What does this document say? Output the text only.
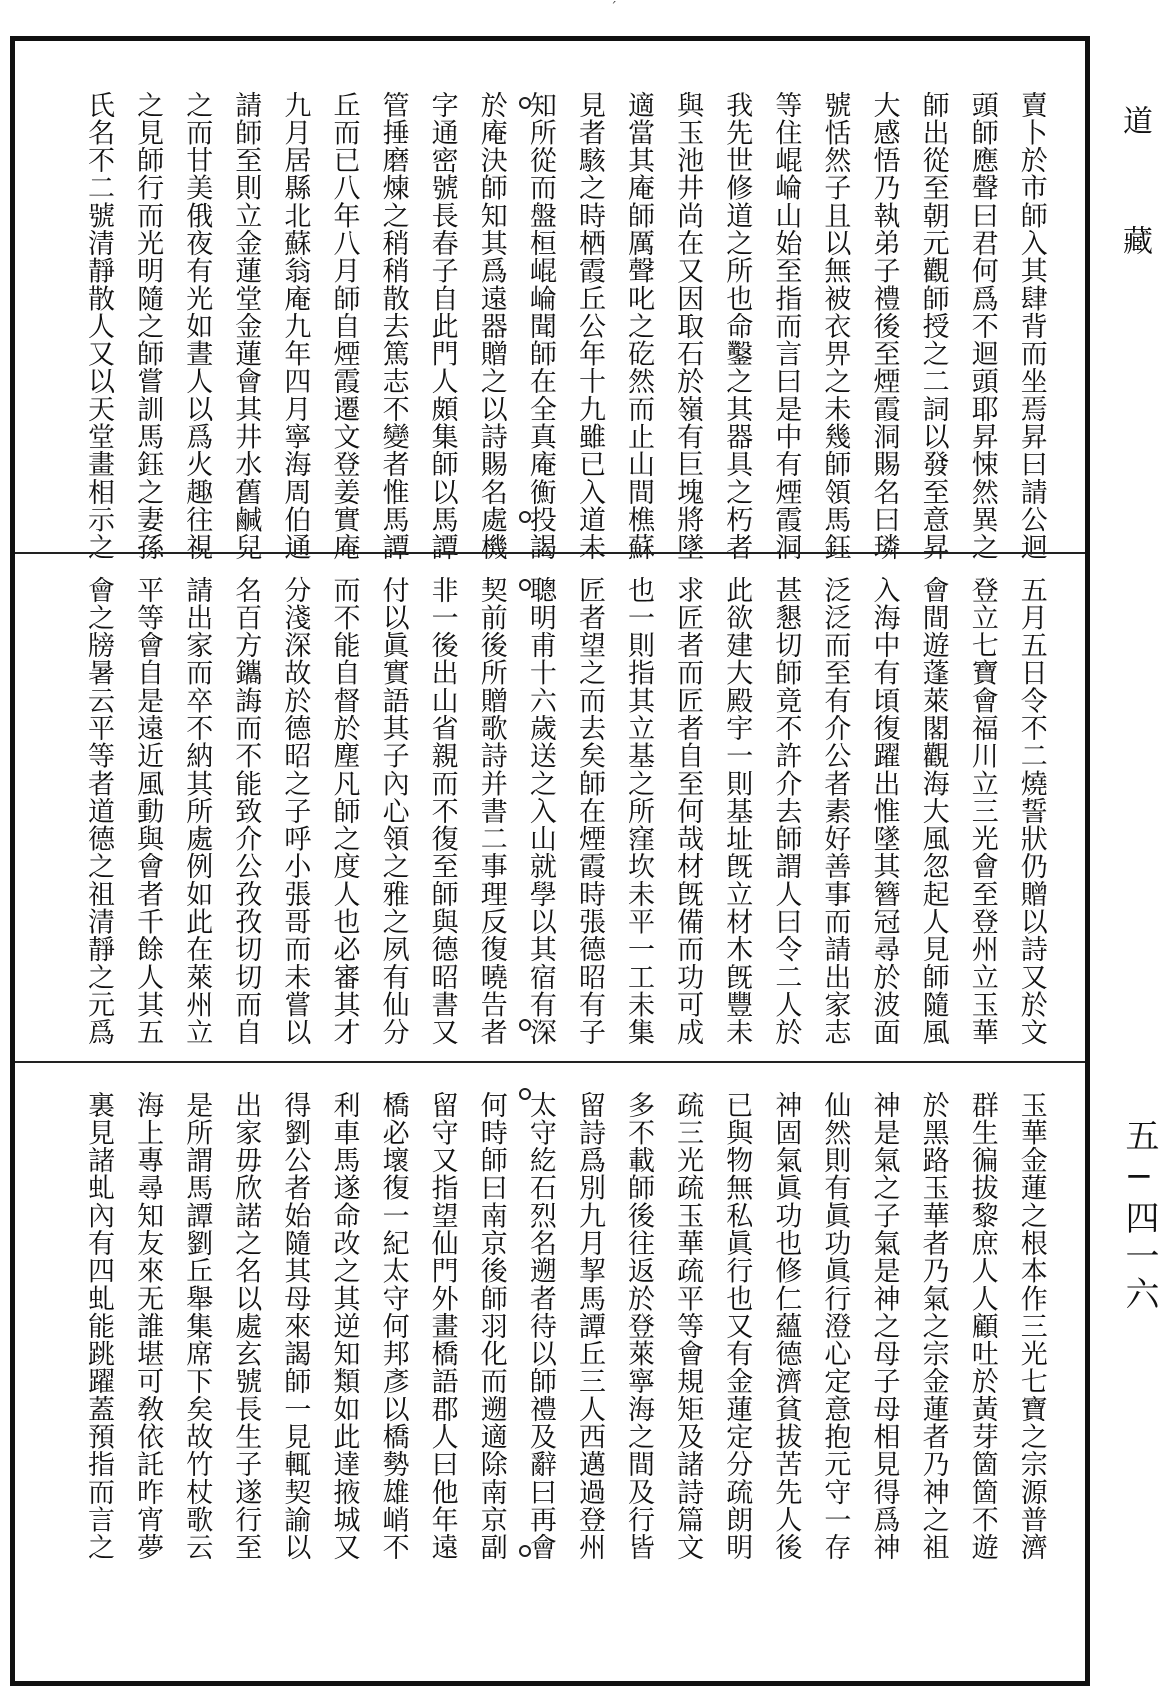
ˊ
賣卜於市師入其肆背而坐焉昇曰請公迴
頭師應聲曰君何爲不迴頭耶昇悚然異之
師出從至朝元觀師授之二詞以發至意昇
大感悟乃執弟子禮後至煙霞洞賜名曰璘
號恬然子且以無被衣畀之未幾師領馬鈺
等住崐崘山始至指而言曰是中有煙霞洞
我先世修道之所也命鑿之其器具之朽者
與玉池井尚在又因取石於嶺有巨塊將墜
適當其庵師厲聲叱之矻然而止山間樵蘇
見者駭之時栖霞丘公年十九雖已入道未
知所從而盤桓崐崘聞師在全真庵𢖍投謁
於庵決師知其爲遠器贈之以詩賜名處機
字通密號長春子自此門人頗集師以馬譚
管捶磨煉之稍稍散去篤志不變者惟馬譚
丘而已八年八月師自煙霞遷文登姜實庵
九月居縣北蘇翁庵九年四月寧海周伯通
請師至則立金蓮堂金蓮會其井水舊鹹兒
之而甘美俄夜有光如晝人以爲火趣往視
之見師行而光明隨之師嘗訓馬鈺之妻孫
氏名不二號清靜散人又以天堂畫相示之
五月五日令不二燒誓狀仍贈以詩又於文
登立七寶會福川立三光會至登州立玉華
會間遊蓬萊閣觀海大風忽起人見師隨風
入海中有頃復躍出惟墜其簪冠尋於波面
泛泛而至有介公者素好善事而請出家志
甚懇切師竟不許介去師謂人曰令二人於
此欲建大殿宇一則基址旣立材木旣豐未
求匠者而匠者自至何哉材旣備而功可成
也一則指其立基之所窪坎未平一工未集
匠者望之而去矣師在煙霞時張德昭有子
聰明甫十六歲送之入山就學以其宿有深
契前後所贈歌詩并書二事理反復曉告者
非一後出山省親而不復至師與德昭書又
付以眞實語其子內心領之雅之夙有仙分
而不能自督於塵凡師之度人也必審其才
分淺深故於德昭之子呼小張哥而未嘗以
名百方鑴誨而不能致介公孜孜切切而自
請出家而卒不納其所處例如此在萊州立
平等會自是遠近風動與會者千餘人其五
會之牓暑云平等者道德之祖清靜之元爲
玉華金蓮之根本作三光七寶之宗源普濟
群生徧拔黎庶人人顧吐於黃芽箇箇不遊
於黑路玉華者乃氣之宗金蓮者乃神之祖
神是氣之子氣是神之母子母相見得爲神
仙然則有眞功眞行澄心定意抱元守一存
神固氣眞功也修仁蘊德濟貧拔苦先人後
已與物無私眞行也又有金蓮定分疏朗明
疏三光疏玉華疏平等會規矩及諸詩篇文
多不載師後往返於登萊寧海之間及行皆
留詩爲別九月挈馬譚丘三人西邁過登州
太守紇石烈名遡者待以師禮及辭曰再會
何時師曰南京後師羽化而遡適除南京副
留守又指望仙門外畫橋語郡人曰他年遠
橋必壞復一紀太守何邦彥以橋勢雄峭不
利車馬遂命改之其逆知類如此達掖城又
得劉公者始隨其母來謁師一見輒契諭以
出家毋欣諾之名以處玄號長生子遂行至
是所謂馬譚劉丘舉集席下矣故竹杖歌云
海上專尋知友來无誰堪可敎依託昨宵夢
裏見諸虬內有四虬能跳躍蓋預指而言之
道藏
五−四一六
